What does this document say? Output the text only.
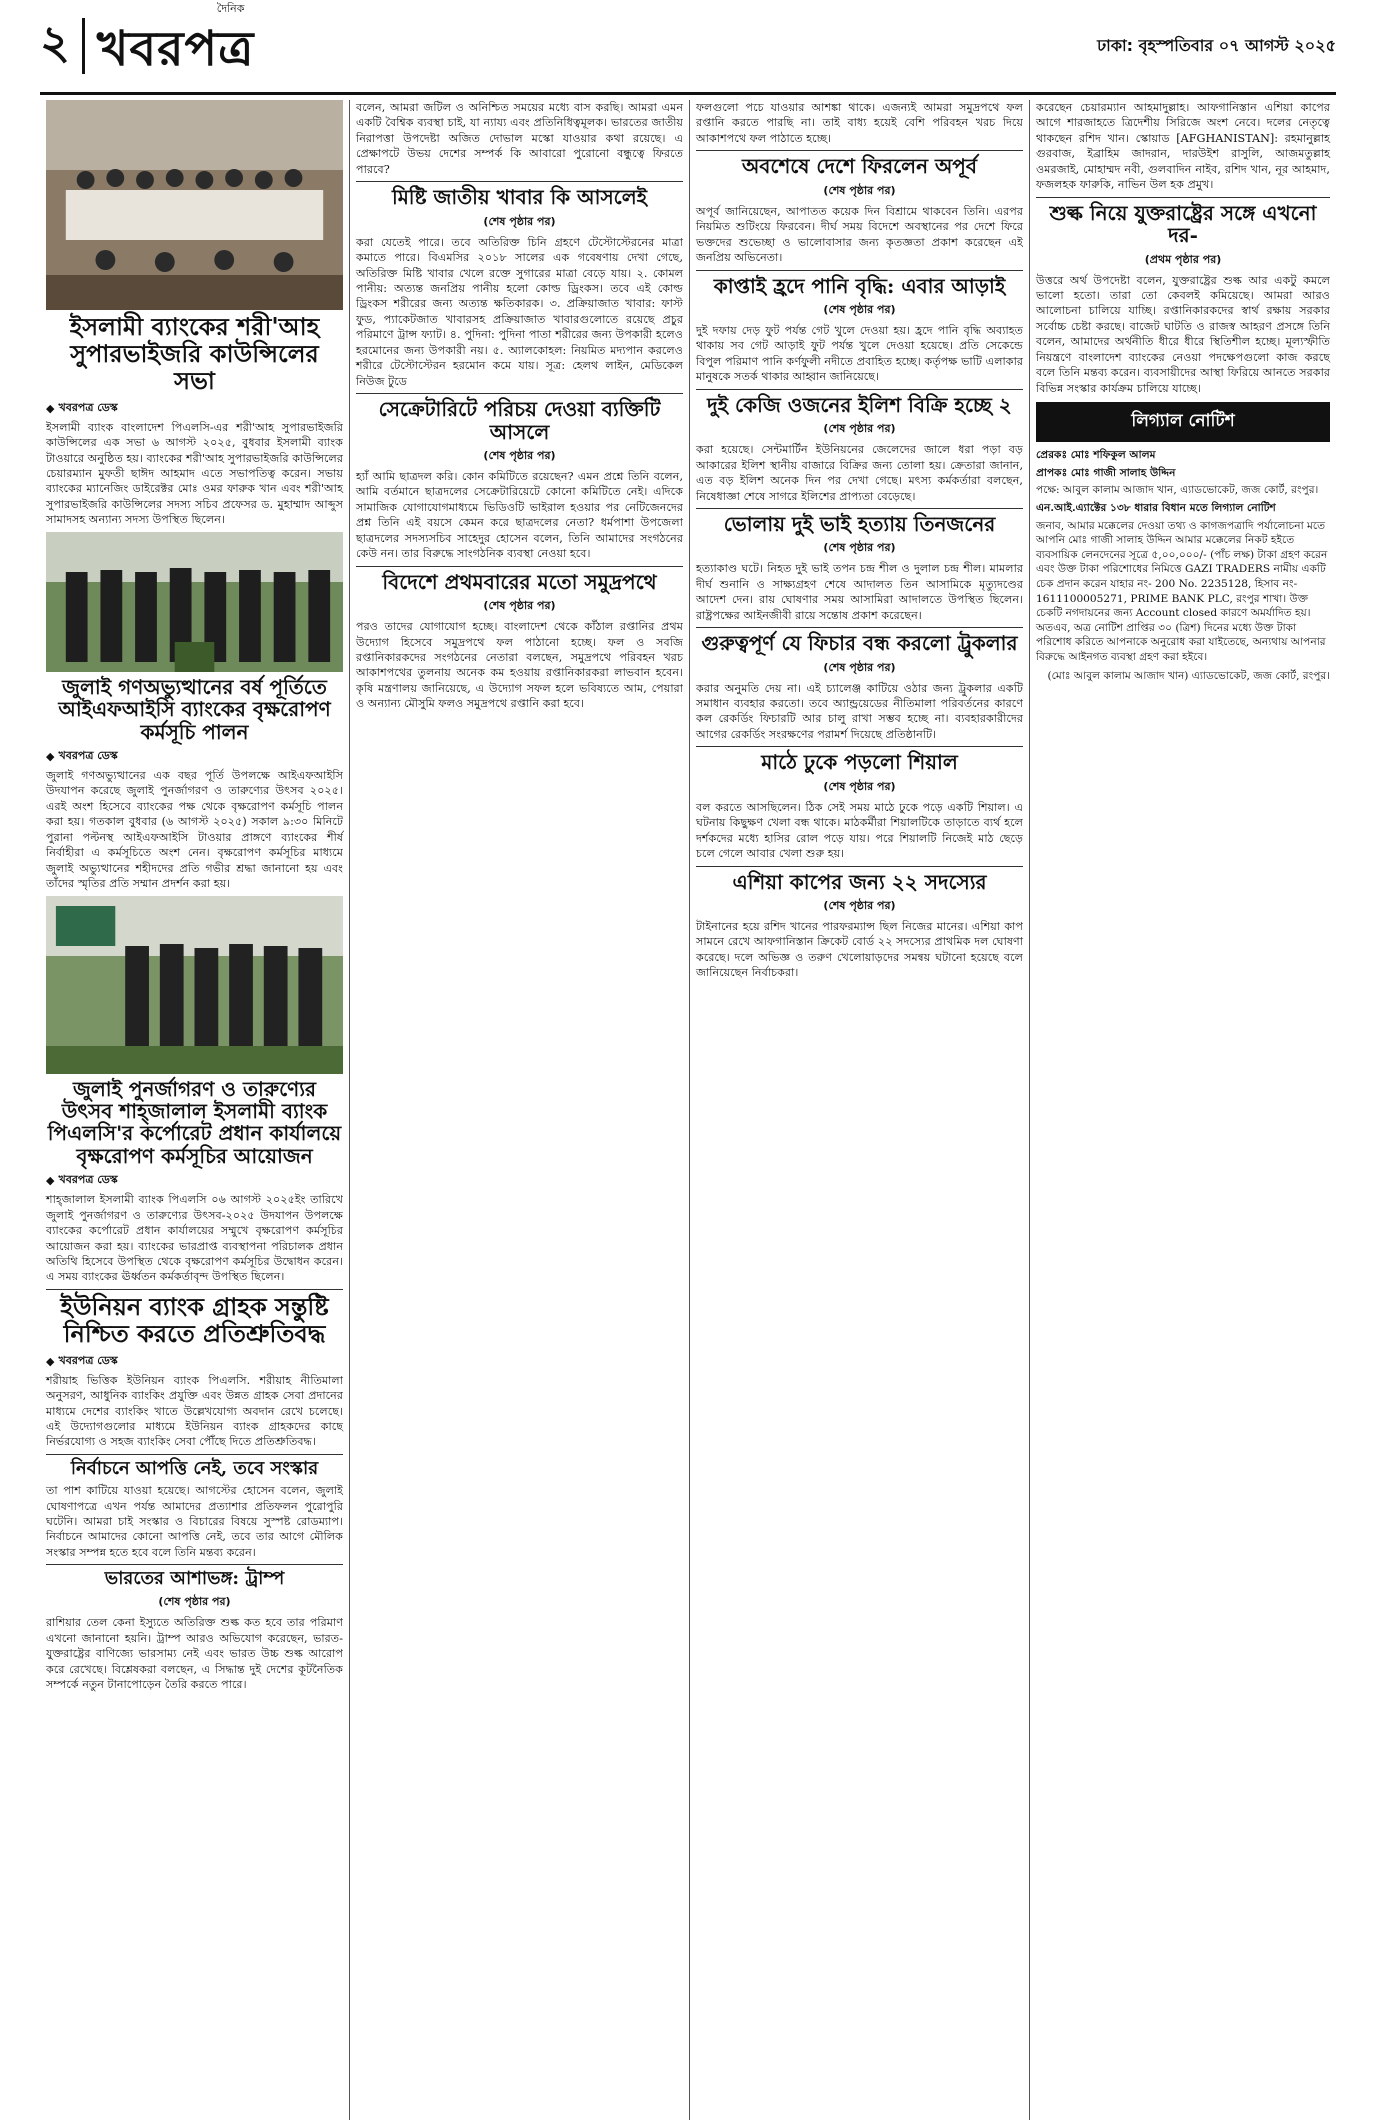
২
দৈনিক
খবরপত্র	ঢাকা: বৃহস্পতিবার ০৭ আগস্ট ২০২৫
ইসলামী ব্যাংকের শরী'আহ সুপারভাইজরি কাউন্সিলের সভা
◆ খবরপত্র ডেস্ক

ইসলামী ব্যাংক বাংলাদেশ পিএলসি-এর শরী'আহ সুপারভাইজরি কাউন্সিলের এক সভা ৬ আগস্ট ২০২৫, বুধবার ইসলামী ব্যাংক টাওয়ারে অনুষ্ঠিত হয়। ব্যাংকের শরী'আহ সুপারভাইজরি কাউন্সিলের চেয়ারম্যান মুফতী ছাঈদ আহমাদ এতে সভাপতিত্ব করেন। সভায় ব্যাংকের ম্যানেজিং ডাইরেক্টর মোঃ ওমর ফারুক খান এবং শরী'আহ সুপারভাইজরি কাউন্সিলের সদস্য সচিব প্রফেসর ড. মুহাম্মাদ আব্দুস সামাদসহ অন্যান্য সদস্য উপস্থিত ছিলেন।

জুলাই গণঅভ্যুত্থানের বর্ষ পূর্তিতে আইএফআইসি ব্যাংকের বৃক্ষরোপণ কর্মসূচি পালন
◆ খবরপত্র ডেস্ক

জুলাই গণঅভ্যুত্থানের এক বছর পূর্তি উপলক্ষে আইএফআইসি উদযাপন করেছে জুলাই পুনর্জাগরণ ও তারুণ্যের উৎসব ২০২৫। এরই অংশ হিসেবে ব্যাংকের পক্ষ থেকে বৃক্ষরোপণ কর্মসূচি পালন করা হয়। গতকাল বুধবার (৬ আগস্ট ২০২৫) সকাল ৯:৩০ মিনিটে পুরানা পল্টনস্থ আইএফআইসি টাওয়ার প্রাঙ্গণে ব্যাংকের শীর্ষ নির্বাহীরা এ কর্মসূচিতে অংশ নেন। বৃক্ষরোপণ কর্মসূচির মাধ্যমে জুলাই অভ্যুত্থানের শহীদদের প্রতি গভীর শ্রদ্ধা জানানো হয় এবং তাঁদের স্মৃতির প্রতি সম্মান প্রদর্শন করা হয়।

জুলাই পুনর্জাগরণ ও তারুণ্যের উৎসব শাহ্জালাল ইসলামী ব্যাংক পিএলসি'র কর্পোরেট প্রধান কার্যালয়ে বৃক্ষরোপণ কর্মসূচির আয়োজন
◆ খবরপত্র ডেস্ক

শাহ্জালাল ইসলামী ব্যাংক পিএলসি ০৬ আগস্ট ২০২৫ইং তারিখে জুলাই পুনর্জাগরণ ও তারুণ্যের উৎসব-২০২৫ উদযাপন উপলক্ষে ব্যাংকের কর্পোরেট প্রধান কার্যালয়ের সম্মুখে বৃক্ষরোপণ কর্মসূচির আয়োজন করা হয়। ব্যাংকের ভারপ্রাপ্ত ব্যবস্থাপনা পরিচালক প্রধান অতিথি হিসেবে উপস্থিত থেকে বৃক্ষরোপণ কর্মসূচির উদ্বোধন করেন। এ সময় ব্যাংকের ঊর্ধ্বতন কর্মকর্তাবৃন্দ উপস্থিত ছিলেন।

ইউনিয়ন ব্যাংক গ্রাহক সন্তুষ্টি নিশ্চিত করতে প্রতিশ্রুতিবদ্ধ
◆ খবরপত্র ডেস্ক

শরীয়াহ ভিত্তিক ইউনিয়ন ব্যাংক পিএলসি. শরীয়াহ নীতিমালা অনুসরণ, আধুনিক ব্যাংকিং প্রযুক্তি এবং উন্নত গ্রাহক সেবা প্রদানের মাধ্যমে দেশের ব্যাংকিং খাতে উল্লেখযোগ্য অবদান রেখে চলেছে। এই উদ্যোগগুলোর মাধ্যমে ইউনিয়ন ব্যাংক গ্রাহকদের কাছে নির্ভরযোগ্য ও সহজ ব্যাংকিং সেবা পৌঁছে দিতে প্রতিশ্রুতিবদ্ধ।

নির্বাচনে আপত্তি নেই, তবে সংস্কার

তা পাশ কাটিয়ে যাওয়া হয়েছে। আগস্টের হোসেন বলেন, জুলাই ঘোষণাপত্রে এখন পর্যন্ত আমাদের প্রত্যাশার প্রতিফলন পুরোপুরি ঘটেনি। আমরা চাই সংস্কার ও বিচারের বিষয়ে সুস্পষ্ট রোডম্যাপ। নির্বাচনে আমাদের কোনো আপত্তি নেই, তবে তার আগে মৌলিক সংস্কার সম্পন্ন হতে হবে বলে তিনি মন্তব্য করেন।

ভারতের আশাভঙ্গ: ট্রাম্প
(শেষ পৃষ্ঠার পর)

রাশিয়ার তেল কেনা ইস্যুতে অতিরিক্ত শুল্ক কত হবে তার পরিমাণ এখনো জানানো হয়নি। ট্রাম্প আরও অভিযোগ করেছেন, ভারত-যুক্তরাষ্ট্রের বাণিজ্যে ভারসাম্য নেই এবং ভারত উচ্চ শুল্ক আরোপ করে রেখেছে। বিশ্লেষকরা বলছেন, এ সিদ্ধান্ত দুই দেশের কূটনৈতিক সম্পর্কে নতুন টানাপোড়েন তৈরি করতে পারে।

বলেন, আমরা জটিল ও অনিশ্চিত সময়ের মধ্যে বাস করছি। আমরা এমন একটি বৈশ্বিক ব্যবস্থা চাই, যা ন্যায্য এবং প্রতিনিধিত্বমূলক। ভারতের জাতীয় নিরাপত্তা উপদেষ্টা অজিত দোভাল মস্কো যাওয়ার কথা রয়েছে। এ প্রেক্ষাপটে উভয় দেশের সম্পর্ক কি আবারো পুরোনো বন্ধুত্বে ফিরতে পারবে?

মিষ্টি জাতীয় খাবার কি আসলেই
(শেষ পৃষ্ঠার পর)

করা যেতেই পারে। তবে অতিরিক্ত চিনি গ্রহণে টেস্টোস্টেরনের মাত্রা কমাতে পারে। বিএমসির ২০১৮ সালের এক গবেষণায় দেখা গেছে, অতিরিক্ত মিষ্টি খাবার খেলে রক্তে সুগারের মাত্রা বেড়ে যায়। ২. কোমল পানীয়: অত্যন্ত জনপ্রিয় পানীয় হলো কোল্ড ড্রিংকস। তবে এই কোল্ড ড্রিংকস শরীরের জন্য অত্যন্ত ক্ষতিকারক। ৩. প্রক্রিয়াজাত খাবার: ফাস্ট ফুড, প্যাকেটজাত খাবারসহ প্রক্রিয়াজাত খাবারগুলোতে রয়েছে প্রচুর পরিমাণে ট্রান্স ফ্যাট। ৪. পুদিনা: পুদিনা পাতা শরীরের জন্য উপকারী হলেও হরমোনের জন্য উপকারী নয়। ৫. অ্যালকোহল: নিয়মিত মদ্যপান করলেও শরীরে টেস্টোস্টেরন হরমোন কমে যায়। সূত্র: হেলথ লাইন, মেডিকেল নিউজ টুডে

সেক্রেটারিটে পরিচয় দেওয়া ব্যক্তিটি আসলে
(শেষ পৃষ্ঠার পর)

হ্যাঁ আমি ছাত্রদল করি। কোন কমিটিতে রয়েছেন? এমন প্রশ্নে তিনি বলেন, আমি বর্তমানে ছাত্রদলের সেক্রেটারিয়েটে কোনো কমিটিতে নেই। এদিকে সামাজিক যোগাযোগমাধ্যমে ভিডিওটি ভাইরাল হওয়ার পর নেটিজেনদের প্রশ্ন তিনি এই বয়সে কেমন করে ছাত্রদলের নেতা? ধর্মপাশা উপজেলা ছাত্রদলের সদস্যসচিব সাহেদুর হোসেন বলেন, তিনি আমাদের সংগঠনের কেউ নন। তার বিরুদ্ধে সাংগঠনিক ব্যবস্থা নেওয়া হবে।

বিদেশে প্রথমবারের মতো সমুদ্রপথে
(শেষ পৃষ্ঠার পর)

পরও তাদের যোগাযোগ হচ্ছে। বাংলাদেশ থেকে কাঁঠাল রপ্তানির প্রথম উদ্যোগ হিসেবে সমুদ্রপথে ফল পাঠানো হচ্ছে। ফল ও সবজি রপ্তানিকারকদের সংগঠনের নেতারা বলছেন, সমুদ্রপথে পরিবহন খরচ আকাশপথের তুলনায় অনেক কম হওয়ায় রপ্তানিকারকরা লাভবান হবেন। কৃষি মন্ত্রণালয় জানিয়েছে, এ উদ্যোগ সফল হলে ভবিষ্যতে আম, পেয়ারা ও অন্যান্য মৌসুমি ফলও সমুদ্রপথে রপ্তানি করা হবে।

ফলগুলো পচে যাওয়ার আশঙ্কা থাকে। এজন্যই আমরা সমুদ্রপথে ফল রপ্তানি করতে পারছি না। তাই বাধ্য হয়েই বেশি পরিবহন খরচ দিয়ে আকাশপথে ফল পাঠাতে হচ্ছে।

অবশেষে দেশে ফিরলেন অপূর্ব
(শেষ পৃষ্ঠার পর)

অপূর্ব জানিয়েছেন, আপাতত কয়েক দিন বিশ্রামে থাকবেন তিনি। এরপর নিয়মিত শুটিংয়ে ফিরবেন। দীর্ঘ সময় বিদেশে অবস্থানের পর দেশে ফিরে ভক্তদের শুভেচ্ছা ও ভালোবাসার জন্য কৃতজ্ঞতা প্রকাশ করেছেন এই জনপ্রিয় অভিনেতা।

কাপ্তাই হ্রদে পানি বৃদ্ধি: এবার আড়াই
(শেষ পৃষ্ঠার পর)

দুই দফায় দেড় ফুট পর্যন্ত গেট খুলে দেওয়া হয়। হ্রদে পানি বৃদ্ধি অব্যাহত থাকায় সব গেট আড়াই ফুট পর্যন্ত খুলে দেওয়া হয়েছে। প্রতি সেকেন্ডে বিপুল পরিমাণ পানি কর্ণফুলী নদীতে প্রবাহিত হচ্ছে। কর্তৃপক্ষ ভাটি এলাকার মানুষকে সতর্ক থাকার আহ্বান জানিয়েছে।

দুই কেজি ওজনের ইলিশ বিক্রি হচ্ছে ২
(শেষ পৃষ্ঠার পর)

করা হয়েছে। সেন্টমার্টিন ইউনিয়নের জেলেদের জালে ধরা পড়া বড় আকারের ইলিশ স্থানীয় বাজারে বিক্রির জন্য তোলা হয়। ক্রেতারা জানান, এত বড় ইলিশ অনেক দিন পর দেখা গেছে। মৎস্য কর্মকর্তারা বলছেন, নিষেধাজ্ঞা শেষে সাগরে ইলিশের প্রাপ্যতা বেড়েছে।

ভোলায় দুই ভাই হত্যায় তিনজনের
(শেষ পৃষ্ঠার পর)

হত্যাকাণ্ড ঘটে। নিহত দুই ভাই তপন চন্দ্র শীল ও দুলাল চন্দ্র শীল। মামলার দীর্ঘ শুনানি ও সাক্ষ্যগ্রহণ শেষে আদালত তিন আসামিকে মৃত্যুদণ্ডের আদেশ দেন। রায় ঘোষণার সময় আসামিরা আদালতে উপস্থিত ছিলেন। রাষ্ট্রপক্ষের আইনজীবী রায়ে সন্তোষ প্রকাশ করেছেন।

গুরুত্বপূর্ণ যে ফিচার বন্ধ করলো ট্রুকলার
(শেষ পৃষ্ঠার পর)

করার অনুমতি দেয় না। এই চ্যালেঞ্জ কাটিয়ে ওঠার জন্য ট্রুকলার একটি সমাধান ব্যবহার করতো। তবে অ্যান্ড্রয়েডের নীতিমালা পরিবর্তনের কারণে কল রেকর্ডিং ফিচারটি আর চালু রাখা সম্ভব হচ্ছে না। ব্যবহারকারীদের আগের রেকর্ডিং সংরক্ষণের পরামর্শ দিয়েছে প্রতিষ্ঠানটি।

মাঠে ঢুকে পড়লো শিয়াল
(শেষ পৃষ্ঠার পর)

বল করতে আসছিলেন। ঠিক সেই সময় মাঠে ঢুকে পড়ে একটি শিয়াল। এ ঘটনায় কিছুক্ষণ খেলা বন্ধ থাকে। মাঠকর্মীরা শিয়ালটিকে তাড়াতে ব্যর্থ হলে দর্শকদের মধ্যে হাসির রোল পড়ে যায়। পরে শিয়ালটি নিজেই মাঠ ছেড়ে চলে গেলে আবার খেলা শুরু হয়।

এশিয়া কাপের জন্য ২২ সদস্যের
(শেষ পৃষ্ঠার পর)

টাইনানের হয়ে রশিদ খানের পারফরম্যান্স ছিল নিজের মানের। এশিয়া কাপ সামনে রেখে আফগানিস্তান ক্রিকেট বোর্ড ২২ সদস্যের প্রাথমিক দল ঘোষণা করেছে। দলে অভিজ্ঞ ও তরুণ খেলোয়াড়দের সমন্বয় ঘটানো হয়েছে বলে জানিয়েছেন নির্বাচকরা।

করেছেন চেয়ারম্যান আহমাদুল্লাহ। আফগানিস্তান এশিয়া কাপের আগে শারজাহতে ত্রিদেশীয় সিরিজে অংশ নেবে। দলের নেতৃত্বে থাকছেন রশিদ খান। স্কোয়াড [AFGHANISTAN]: রহমানুল্লাহ গুরবাজ, ইব্রাহিম জাদরান, দারউইশ রাসুলি, আজমতুল্লাহ ওমরজাই, মোহাম্মদ নবী, গুলবাদিন নাইব, রশিদ খান, নূর আহমাদ, ফজলহক ফারুকি, নাভিন উল হক প্রমুখ।

শুল্ক নিয়ে যুক্তরাষ্ট্রের সঙ্গে এখনো দর-
(প্রথম পৃষ্ঠার পর)

উত্তরে অর্থ উপদেষ্টা বলেন, যুক্তরাষ্ট্রের শুল্ক আর একটু কমলে ভালো হতো। তারা তো কেবলই কমিয়েছে। আমরা আরও আলোচনা চালিয়ে যাচ্ছি। রপ্তানিকারকদের স্বার্থ রক্ষায় সরকার সর্বোচ্চ চেষ্টা করছে। বাজেট ঘাটতি ও রাজস্ব আহরণ প্রসঙ্গে তিনি বলেন, আমাদের অর্থনীতি ধীরে ধীরে স্থিতিশীল হচ্ছে। মূল্যস্ফীতি নিয়ন্ত্রণে বাংলাদেশ ব্যাংকের নেওয়া পদক্ষেপগুলো কাজ করছে বলে তিনি মন্তব্য করেন। ব্যবসায়ীদের আস্থা ফিরিয়ে আনতে সরকার বিভিন্ন সংস্কার কার্যক্রম চালিয়ে যাচ্ছে।

লিগ্যাল নোটিশ

প্রেরকঃ মোঃ শফিকুল আলম

প্রাপকঃ মোঃ গাজী সালাহ উদ্দিন

পক্ষে: আবুল কালাম আজাদ খান, এ্যাডভোকেট, জজ কোর্ট, রংপুর।

এন.আই.এ্যাক্টের ১৩৮ ধারার বিধান মতে লিগ্যাল নোটিশ

জনাব, আমার মক্কেলের দেওয়া তথ্য ও কাগজপত্রাদি পর্যালোচনা মতে আপনি মোঃ গাজী সালাহ উদ্দিন আমার মক্কেলের নিকট হইতে ব্যবসায়িক লেনদেনের সূত্রে ৫,০০,০০০/- (পাঁচ লক্ষ) টাকা গ্রহণ করেন এবং উক্ত টাকা পরিশোধের নিমিত্তে GAZI TRADERS নামীয় একটি চেক প্রদান করেন যাহার নং- 200 No. 2235128, হিসাব নং- 1611100005271, PRIME BANK PLC, রংপুর শাখা। উক্ত চেকটি নগদায়নের জন্য Account closed কারণে অমর্যাদিত হয়। অতএব, অত্র নোটিশ প্রাপ্তির ৩০ (ত্রিশ) দিনের মধ্যে উক্ত টাকা পরিশোধ করিতে আপনাকে অনুরোধ করা যাইতেছে, অন্যথায় আপনার বিরুদ্ধে আইনগত ব্যবস্থা গ্রহণ করা হইবে।

(মোঃ আবুল কালাম আজাদ খান) এ্যাডভোকেট, জজ কোর্ট, রংপুর।
